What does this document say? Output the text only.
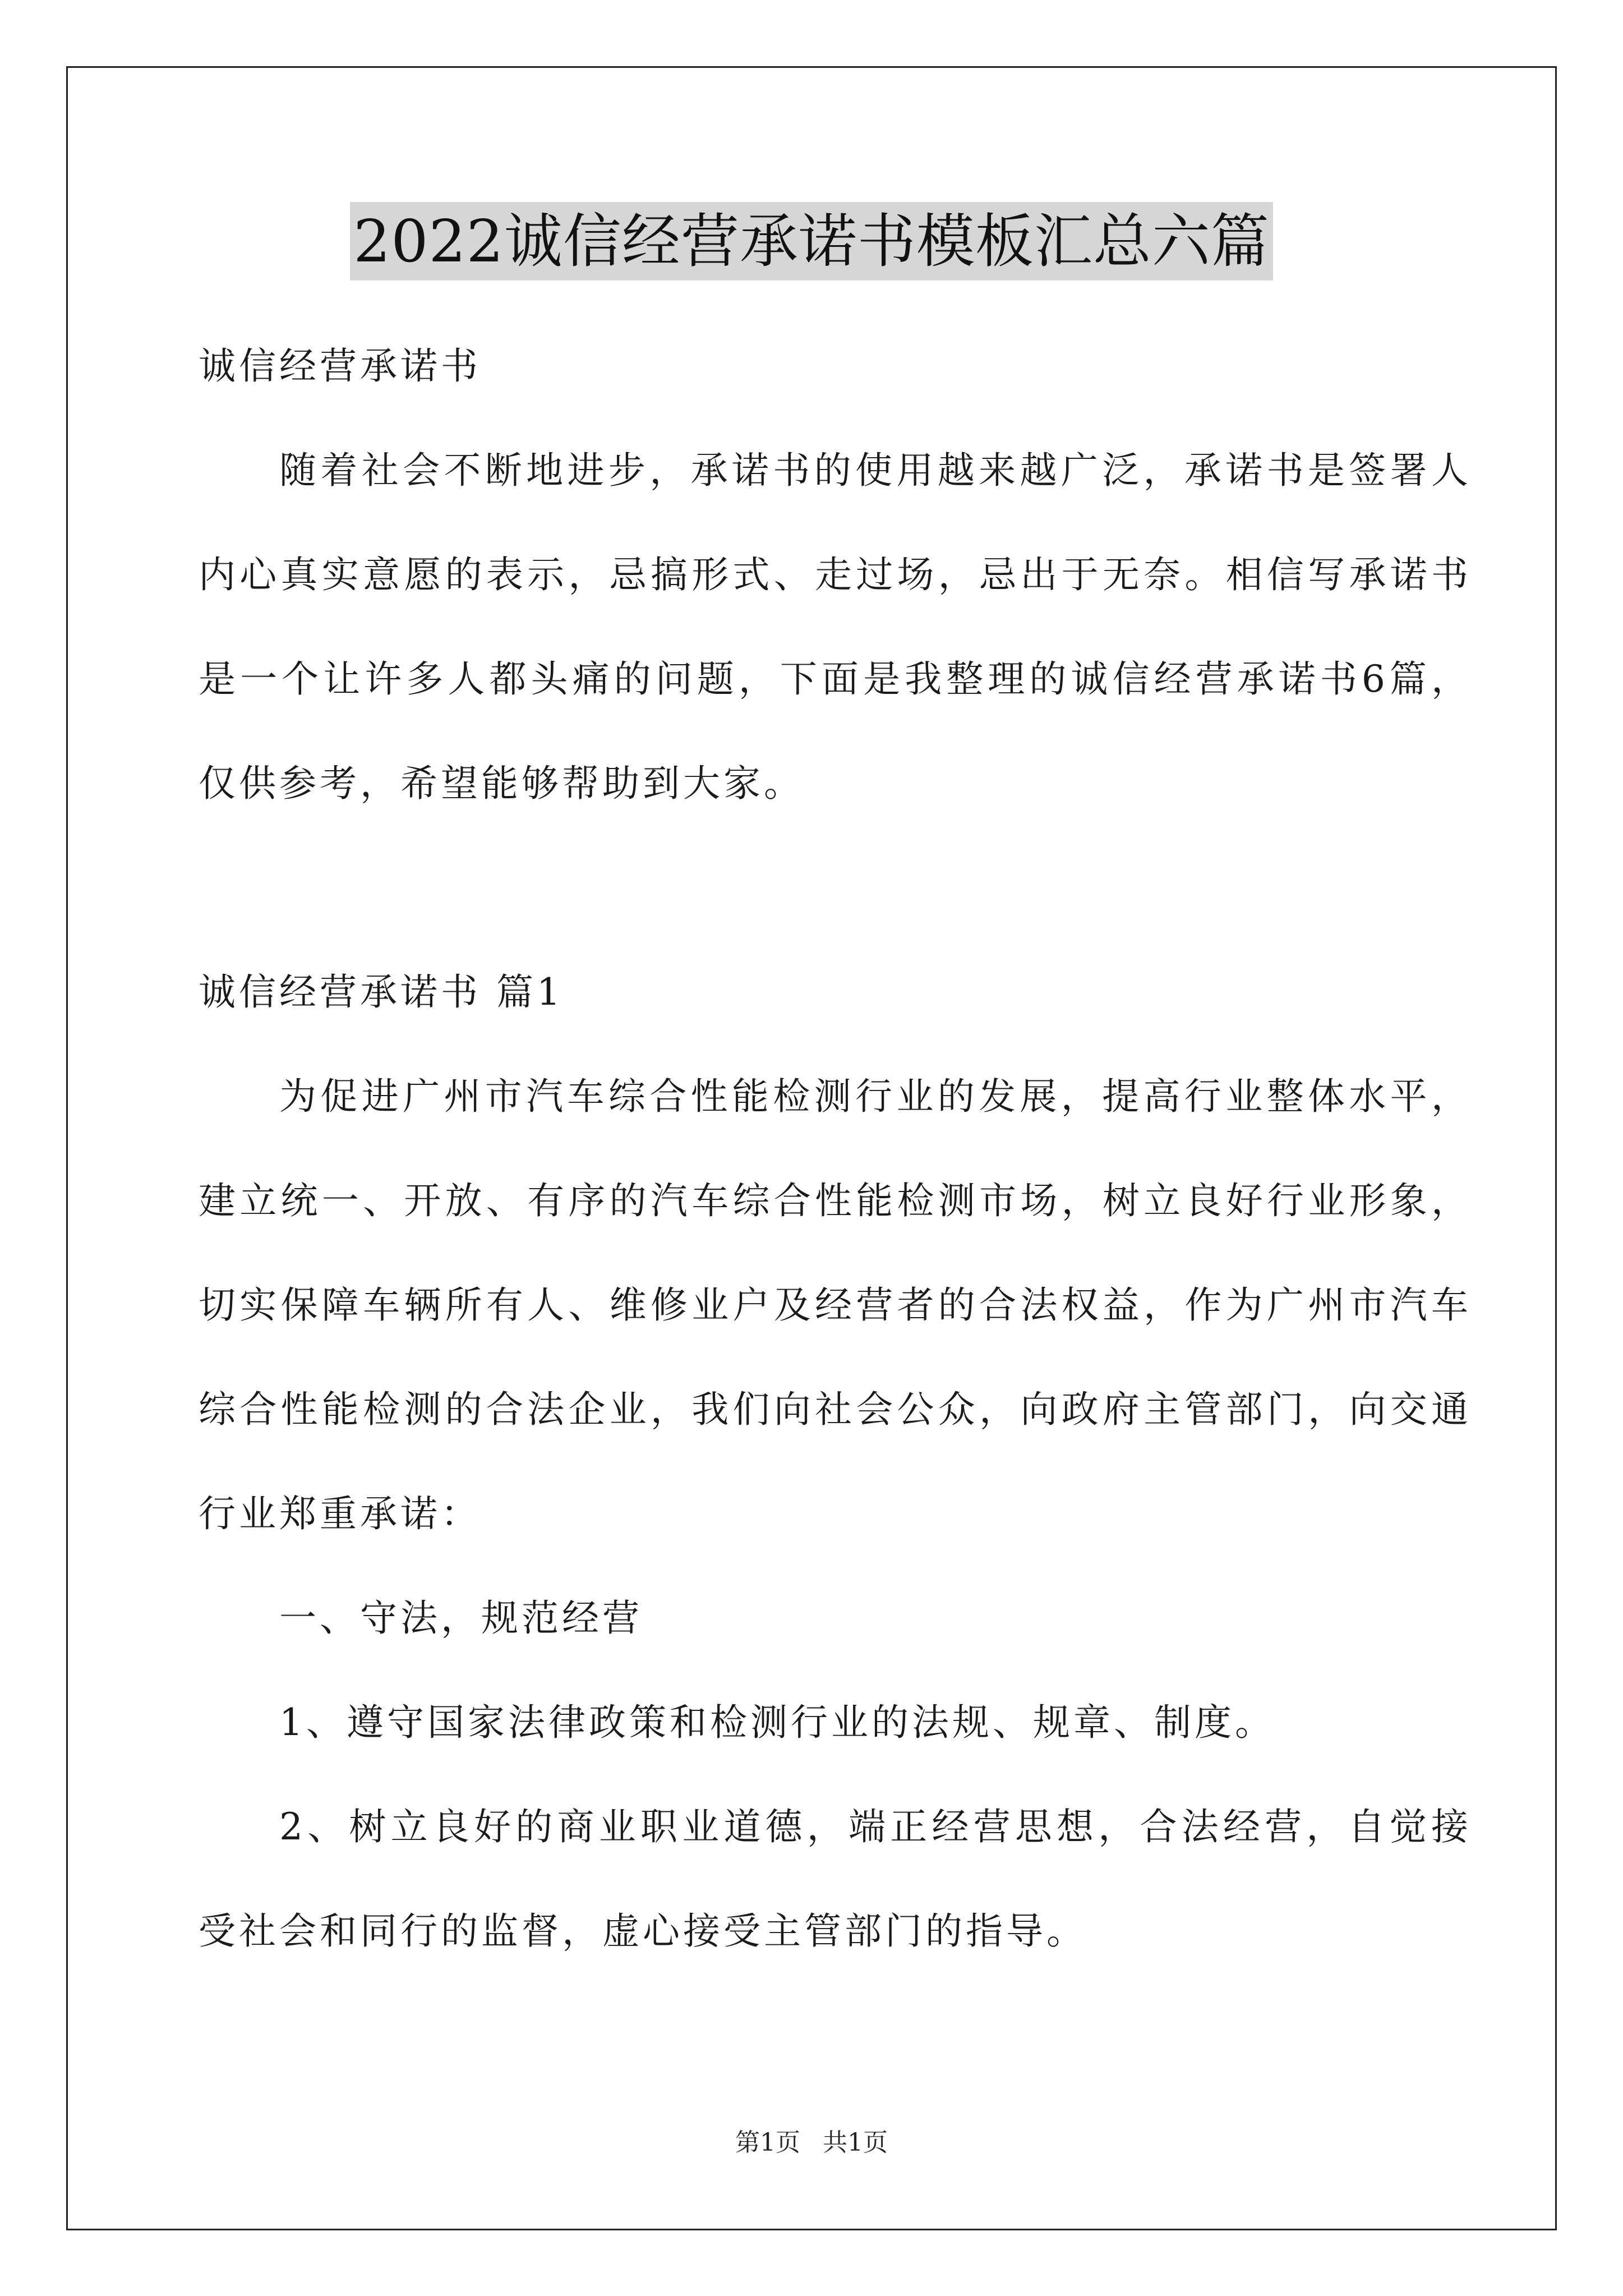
2022诚信经营承诺书模板汇总六篇

诚信经营承诺书

随着社会不断地进步，承诺书的使用越来越广泛，承诺书是签署人内心真实意愿的表示，忌搞形式、走过场，忌出于无奈。相信写承诺书是一个让许多人都头痛的问题，下面是我整理的诚信经营承诺书6篇，仅供参考，希望能够帮助到大家。

诚信经营承诺书 篇1

为促进广州市汽车综合性能检测行业的发展，提高行业整体水平，建立统一、开放、有序的汽车综合性能检测市场，树立良好行业形象，切实保障车辆所有人、维修业户及经营者的合法权益，作为广州市汽车综合性能检测的合法企业，我们向社会公众，向政府主管部门，向交通行业郑重承诺：

一、守法，规范经营

1、遵守国家法律政策和检测行业的法规、规章、制度。

2、树立良好的商业职业道德，端正经营思想，合法经营，自觉接受社会和同行的监督，虚心接受主管部门的指导。

第1页 共1页
